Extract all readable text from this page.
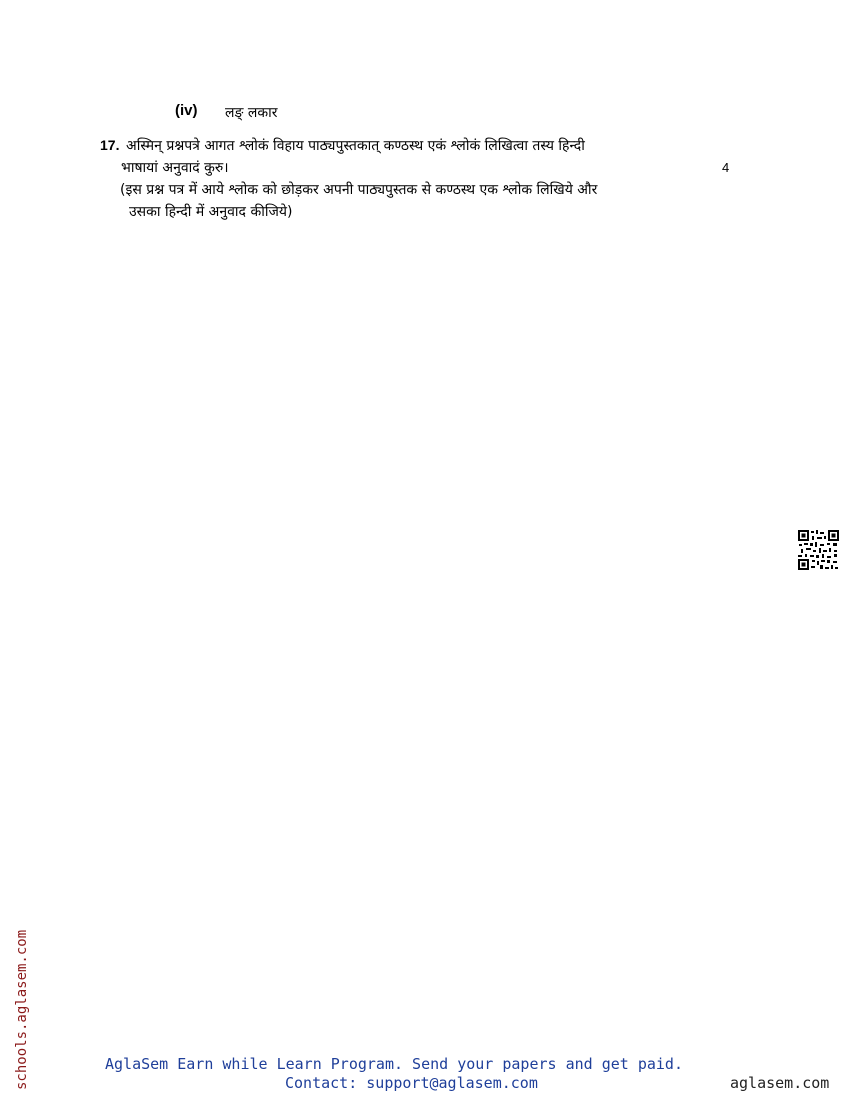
(iv) लङ् लकार
17. अस्मिन् प्रश्नपत्रे आगत श्लोकं विहाय पाठ्यपुस्तकात् कण्ठस्थ एकं श्लोकं लिखित्वा तस्य हिन्दी
भाषायां अनुवादं कुरु।	4
(इस प्रश्न पत्र में आये श्लोक को छोड़कर अपनी पाठ्यपुस्तक से कण्ठस्थ एक श्लोक लिखिये और
उसका हिन्दी में अनुवाद कीजिये)
schools.aglasem.com	AglaSem Earn while Learn Program. Send your papers and get paid.
Contact: support@aglasem.com	aglasem.com
